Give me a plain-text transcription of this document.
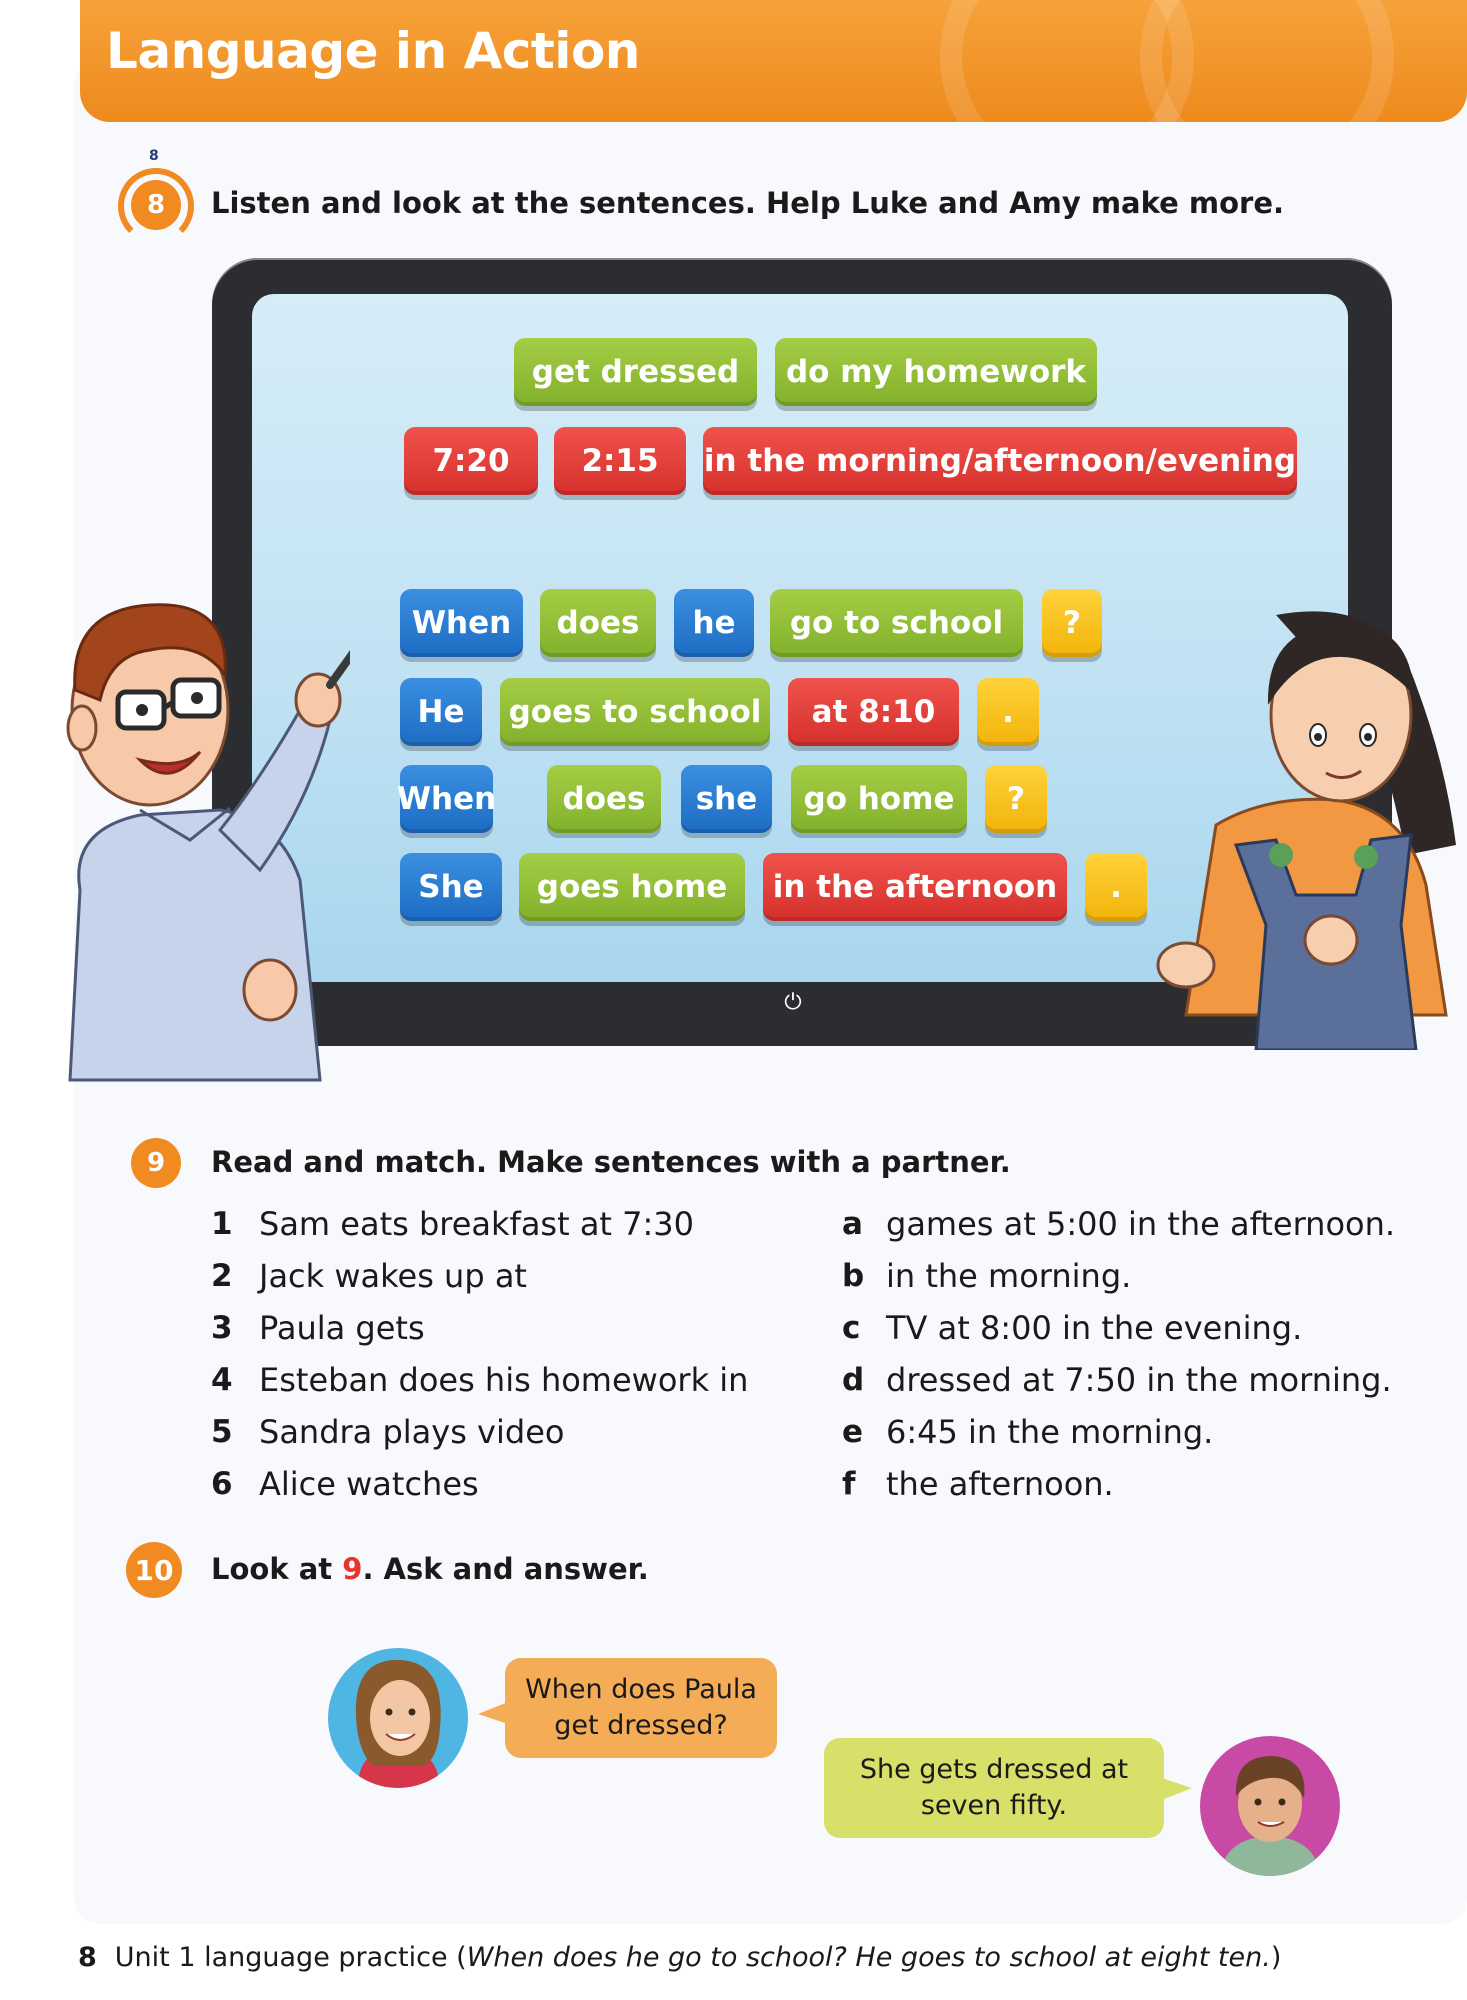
Language in Action
8
8	Listen and look at the sentences. Help Luke and Amy make more.

⏻
get dressed	do my homework
7:20	2:15	in the morning/afternoon/evening
When	does	he	go to school	?
He	goes to school	at 8:10	.
When	does	she	go home	?
She	goes home	in the afternoon	.
9	Read and match. Make sentences with a partner.

1 Sam eats breakfast at 7:30
2 Jack wakes up at
3 Paula gets
4 Esteban does his homework in
5 Sandra plays video
6 Alice watches
a games at 5:00 in the afternoon.
b in the morning.
c TV at 8:00 in the evening.
d dressed at 7:50 in the morning.
e 6:45 in the morning.
f the afternoon.
10 Look at 9. Ask and answer.

When does Paula get dressed?
She gets dressed at seven fifty.
8 Unit 1 language practice (When does he go to school? He goes to school at eight ten.)
